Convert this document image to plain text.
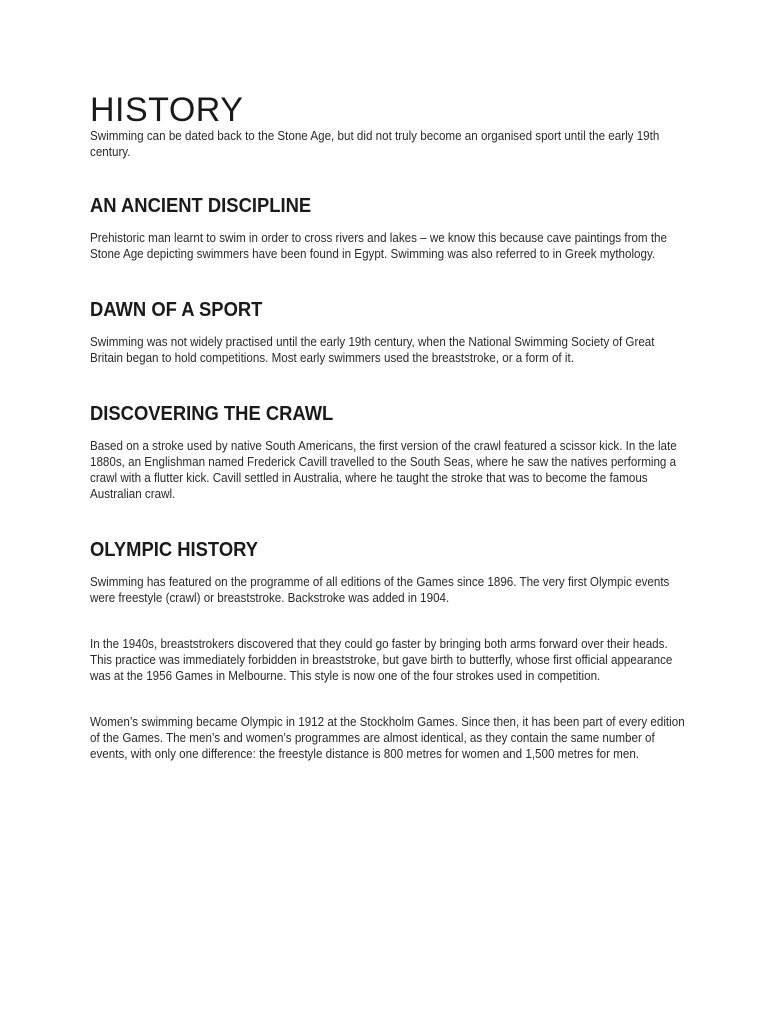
HISTORY

Swimming can be dated back to the Stone Age, but did not truly become an organised sport until the early 19th century.

AN ANCIENT DISCIPLINE

Prehistoric man learnt to swim in order to cross rivers and lakes – we know this because cave paintings from the Stone Age depicting swimmers have been found in Egypt. Swimming was also referred to in Greek mythology.

DAWN OF A SPORT

Swimming was not widely practised until the early 19th century, when the National Swimming Society of Great Britain began to hold competitions. Most early swimmers used the breaststroke, or a form of it.

DISCOVERING THE CRAWL

Based on a stroke used by native South Americans, the first version of the crawl featured a scissor kick. In the late 1880s, an Englishman named Frederick Cavill travelled to the South Seas, where he saw the natives performing a crawl with a flutter kick. Cavill settled in Australia, where he taught the stroke that was to become the famous Australian crawl.

OLYMPIC HISTORY

Swimming has featured on the programme of all editions of the Games since 1896. The very first Olympic events were freestyle (crawl) or breaststroke. Backstroke was added in 1904.

In the 1940s, breaststrokers discovered that they could go faster by bringing both arms forward over their heads. This practice was immediately forbidden in breaststroke, but gave birth to butterfly, whose first official appearance was at the 1956 Games in Melbourne. This style is now one of the four strokes used in competition.

Women’s swimming became Olympic in 1912 at the Stockholm Games. Since then, it has been part of every edition of the Games. The men’s and women’s programmes are almost identical, as they contain the same number of events, with only one difference: the freestyle distance is 800 metres for women and 1,500 metres for men.
